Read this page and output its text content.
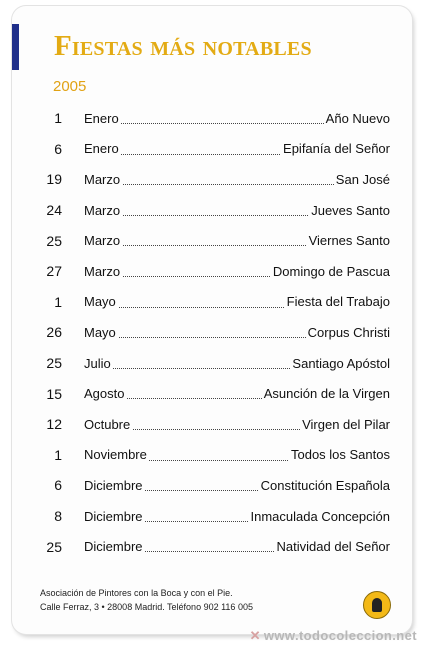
Fiestas más notables
2005
1 Enero	Año Nuevo
6 Enero	Epifanía del Señor
19 Marzo	San José
24 Marzo	Jueves Santo
25 Marzo	Viernes Santo
27 Marzo	Domingo de Pascua
1 Mayo	Fiesta del Trabajo
26 Mayo	Corpus Christi
25 Julio	Santiago Apóstol
15 Agosto	Asunción de la Virgen
12 Octubre	Virgen del Pilar
1 Noviembre	Todos los Santos
6 Diciembre	Constitución Española
8 Diciembre	Inmaculada Concepción
25 Diciembre	Natividad del Señor
Asociación de Pintores con la Boca y con el Pie.
Calle Ferraz, 3 • 28008 Madrid. Teléfono 902 116 005
✕ www.todocoleccion.net
